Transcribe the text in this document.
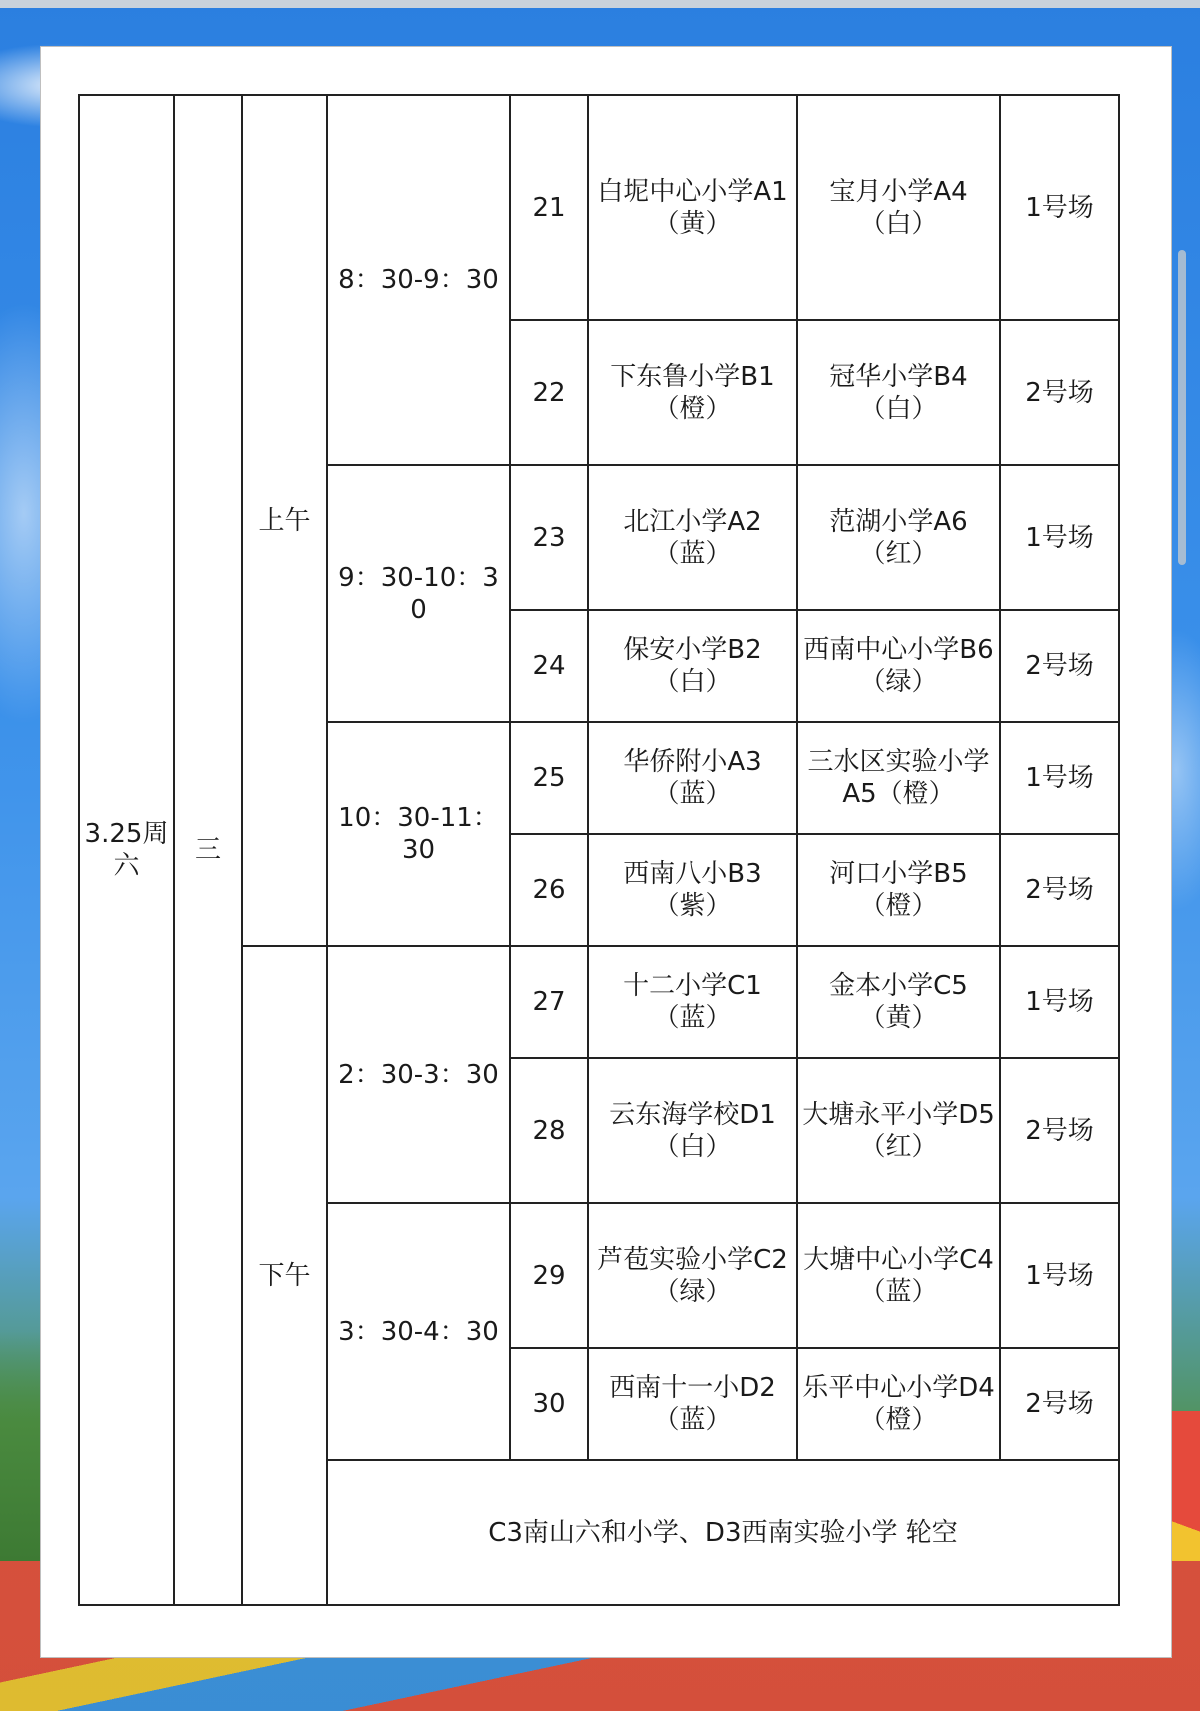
3.25周六	三	上午	8：30-9：30	21	白坭中心小学A1（黄）	宝月小学A4（白）	1号场
				22	下东鲁小学B1（橙）	冠华小学B4（白）	2号场
			9：30-10：30	23	北江小学A2（蓝）	范湖小学A6（红）	1号场
				24	保安小学B2（白）	西南中心小学B6（绿）	2号场
			10：30-11：30	25	华侨附小A3（蓝）	三水区实验小学A5（橙）	1号场
				26	西南八小B3（紫）	河口小学B5（橙）	2号场
		下午	2：30-3：30	27	十二小学C1（蓝）	金本小学C5（黄）	1号场
				28	云东海学校D1（白）	大塘永平小学D5（红）	2号场
			3：30-4：30	29	芦苞实验小学C2（绿）	大塘中心小学C4（蓝）	1号场
				30	西南十一小D2（蓝）	乐平中心小学D4（橙）	2号场
			C3南山六和小学、D3西南实验小学 轮空				
